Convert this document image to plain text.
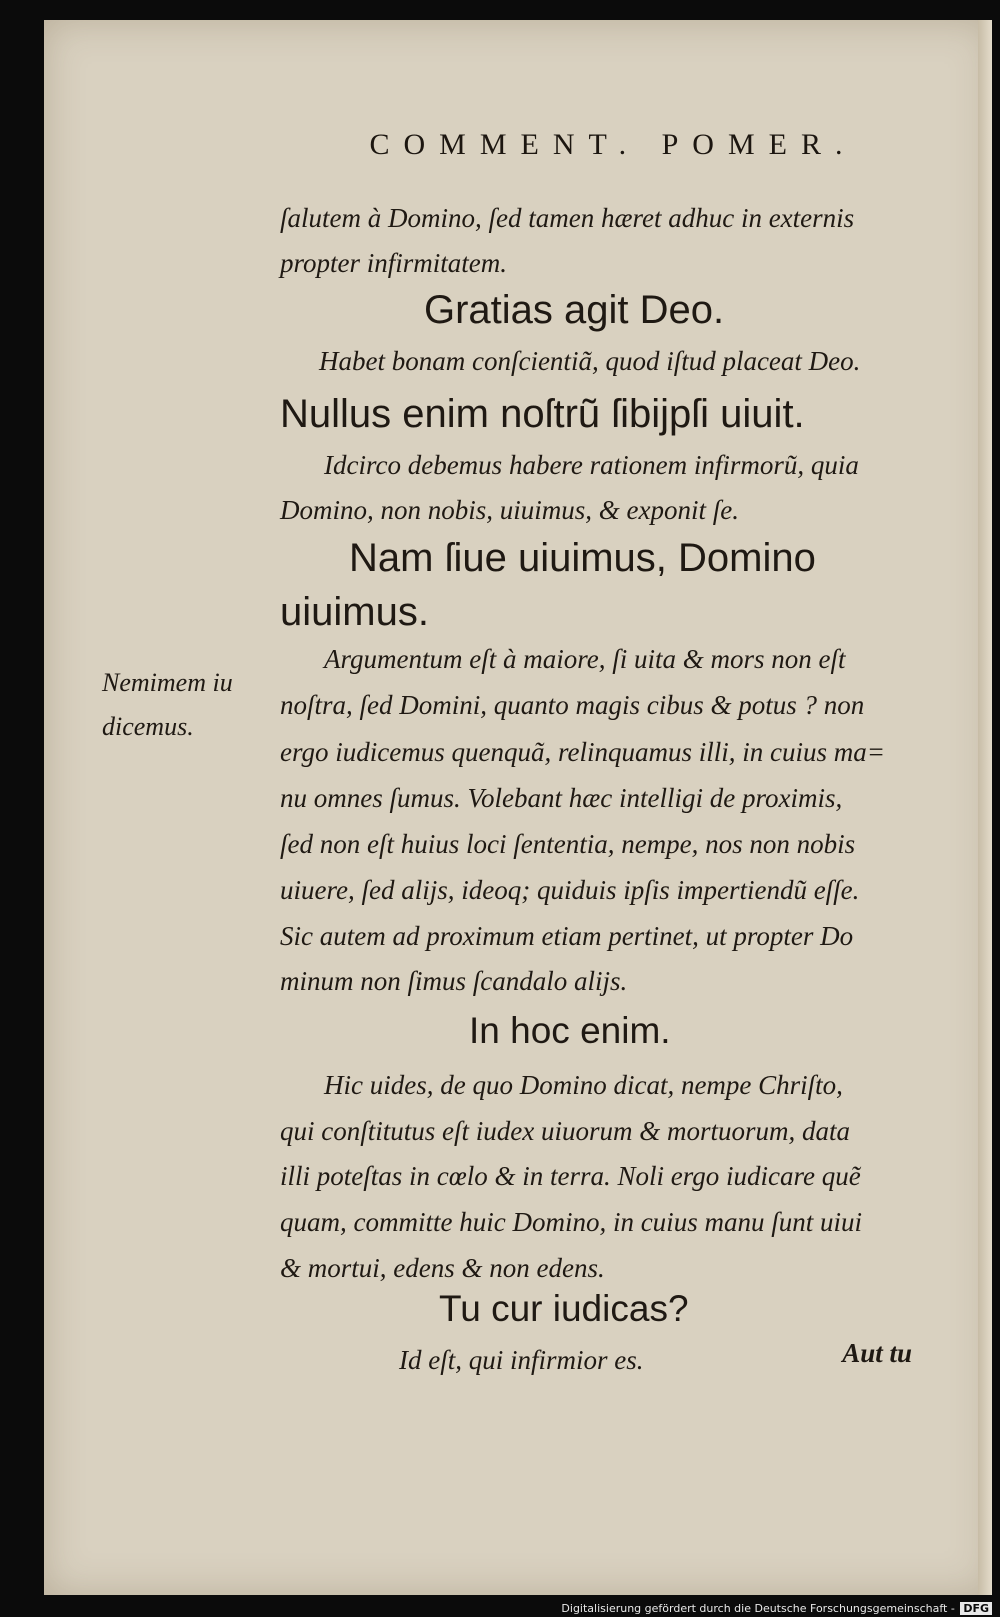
COMMENT. POMER.
ſalutem à Domino, ſed tamen hæret adhuc in externis
propter infirmitatem.
Gratias agit Deo.
Habet bonam conſcientiã, quod iſtud placeat Deo.
Nullus enim noſtrũ ſibijpſi uiuit.
Idcirco debemus habere rationem infirmorũ, quia
Domino, non nobis, uiuimus, & exponit ſe.
Nam ſiue uiuimus, Domino
uiuimus.
Argumentum eſt à maiore, ſi uita & mors non eſt
noſtra, ſed Domini, quanto magis cibus & potus ? non
ergo iudicemus quenquã, relinquamus illi, in cuius ma=
nu omnes ſumus. Volebant hæc intelligi de proximis,
ſed non eſt huius loci ſententia, nempe, nos non nobis
uiuere, ſed alijs, ideoq; quiduis ipſis impertiendũ eſſe.
Sic autem ad proximum etiam pertinet, ut propter Do
minum non ſimus ſcandalo alijs.
In hoc enim.
Hic uides, de quo Domino dicat, nempe Chriſto,
qui conſtitutus eſt iudex uiuorum & mortuorum, data
illi poteſtas in cœlo & in terra. Noli ergo iudicare quẽ
quam, committe huic Domino, in cuius manu ſunt uiui
& mortui, edens & non edens.
Tu cur iudicas?
Id eſt, qui infirmior es.
Nemimem iu
dicemus.
Aut tu
Digitalisierung gefördert durch die Deutsche Forschungsgemeinschaft - DFG
